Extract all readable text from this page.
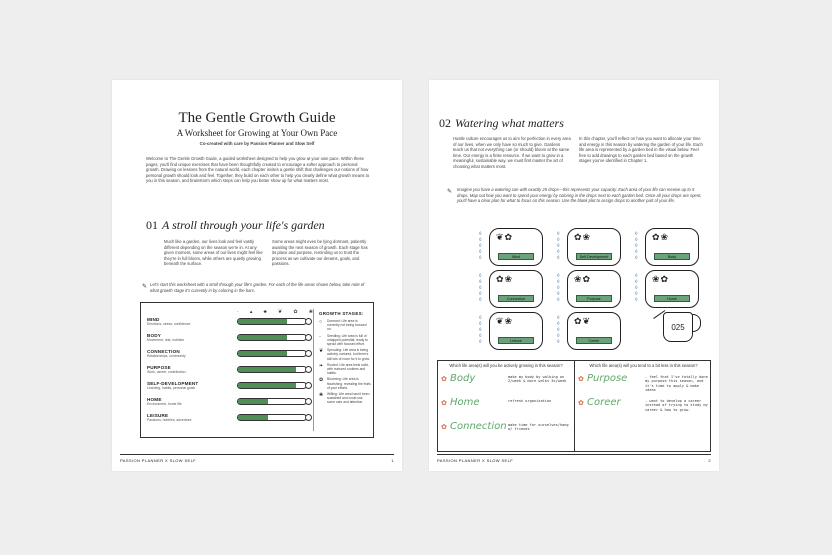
The Gentle Growth Guide
A Worksheet for Growing at Your Own Pace
Co-created with care by Passion Planner and Slow Self
Welcome to The Gentle Growth Guide, a guided worksheet designed to help you grow at your own pace. Within these pages, you'll find unique exercises that have been thoughtfully created to encourage a softer approach to personal growth. Drawing on lessons from the natural world, each chapter invites a gentle shift that challenges our notions of how personal growth should look and feel. Together, they build on each other to help you clearly define what growth means to you in this season, and brainstorm which steps can help you better show up for what matters most.
01 A stroll through your life's garden
Much like a garden, our lives look and feel vastly different depending on the season we're in. At any given moment, some areas of our lives might feel like they're in full bloom, while others are quietly growing beneath the surface.
Some areas might even be lying dormant, patiently awaiting the next season of growth. Each stage has its place and purpose, reminding us to trust the process as we cultivate our dreams, goals, and passions.
✎ Let's start this worksheet with a stroll through your life's garden. For each of the life areas shown below, take note of what growth stage it's currently in by coloring in the bars.
· ▴ ♣ ❦ ✿ ❀
MIND
Emotions, stress, confidence
BODY
Movement, rest, nutrition
CONNECTION
Relationships, community
PURPOSE
Work, career, contribution
SELF-DEVELOPMENT
Learning, habits, personal goals
HOME
Environment, home life
LEISURE
Passions, hobbies, adventure
GROWTH STAGES:
○	Dormant: Life area is currently not being focused on.
◦	Seedling: Life area is full of untapped potential; ready to sprout with focused effort.
❦	Sprouting: Life area is being actively nurtured, but there's still lots of room for it to grow.
❧	Rooted: Life area feels solid, with nurtured routines and habits.
✿	Blooming: Life area is flourishing, revealing the fruits of your efforts.
❀	Wilting: Life area hasn't been sustained and could use some care and attention.
PASSION PLANNER X SLOW SELF	1
02 Watering what matters
Hustle culture encourages us to aim for perfection in every area of our lives, when we only have so much to give. Gardens teach us that not everything can (or should) bloom at the same time. Our energy is a finite resource. If we want to grow in a meaningful, sustainable way, we must first master the art of choosing what matters most.
In this chapter, you'll reflect on how you want to allocate your time and energy in this season by watering the garden of your life. Each life area is represented by a garden bed in the visual below. Feel free to add drawings to each garden bed based on the growth stages you've identified in Chapter 1.
✎ Imagine you have a watering can with exactly 25 drops—this represents your capacity. Each area of your life can receive up to 5 drops. Map out how you want to spend your energy by coloring in the drops next to each garden bed. Once all your drops are spent, you'll have a clear plan for what to focus on this season. Use the blank plot to assign drops to another part of your life.
❦✿
Mind
◊
◊
◊
◊
◊
✿❀
Self-Development
◊
◊
◊
◊
◊
✿❀
Body
◊
◊
◊
◊
◊
✿❀
Connection
◊
◊
◊
◊
◊
❀✿
Purpose
◊
◊
◊
◊
◊
❀✿
Home
◊
◊
◊
◊
◊
❦❀
Leisure
◊
◊
◊
◊
◊
✿❦
Coreer
◊
◊
◊
◊
◊
025
Which life area(s) will you be actively growing in this season?
✿ Body	make my body by walking on 2/week & more walks 3x/week
✿ Home	refresh organization
✿ Connection make time for ourselves/hang w/ friends
Which life area(s) will you tend to a bit less in this season?
✿ Purpose	- feel that I've totally done my purpose this season, and it's time to apply & make ideas
✿ Coreer	- want to develop a career instead of trying to study my career & how to grow.
PASSION PLANNER X SLOW SELF	2
